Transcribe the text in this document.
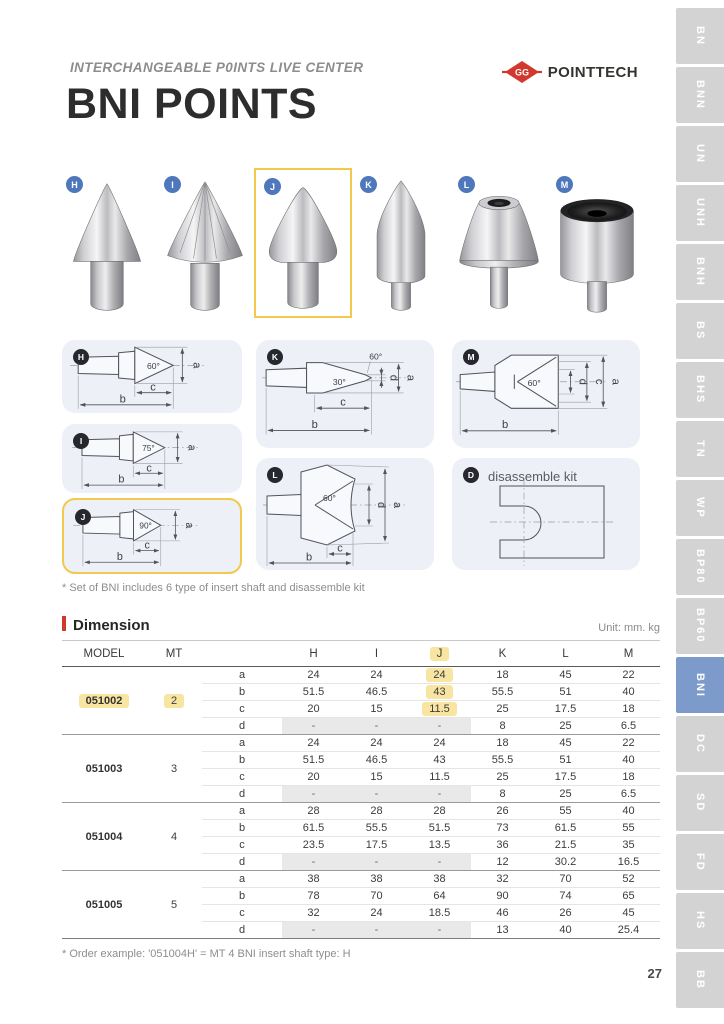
BN
BNN
UN
UNH
BNH
BS
BHS
TN
WP
BP80
BP60
BNI
DC
SD
FD
HS
BB
INTERCHANGEABLE P0INTS LIVE CENTER
BNI POINTS
GG POINTTECH
H	I	J	K	L	M
H
60°	a
c
b
I
75°	a
c
b
J
90°	a
c
b
K
30°
60°
d a
c
b
L
60°
d a
c
b
M
60°	d c a
b
D	disassemble kit

* Set of BNI includes 6 type of insert shaft and disassemble kit

Dimension	Unit: mm. kg
MODEL	MT		H	I	J	K	L	M
051002	2	a	24	24	24	18	45	22
		b	51.5	46.5	43	55.5	51	40
		c	20	15	11.5	25	17.5	18
		d	-	-	-	8	25	6.5
051003	3	a	24	24	24	18	45	22
		b	51.5	46.5	43	55.5	51	40
		c	20	15	11.5	25	17.5	18
		d	-	-	-	8	25	6.5
051004	4	a	28	28	28	26	55	40
		b	61.5	55.5	51.5	73	61.5	55
		c	23.5	17.5	13.5	36	21.5	35
		d	-	-	-	12	30.2	16.5
051005	5	a	38	38	38	32	70	52
		b	78	70	64	90	74	65
		c	32	24	18.5	46	26	45
		d	-	-	-	13	40	25.4

* Order example: '051004H' = MT 4 BNI insert shaft type: H

27
